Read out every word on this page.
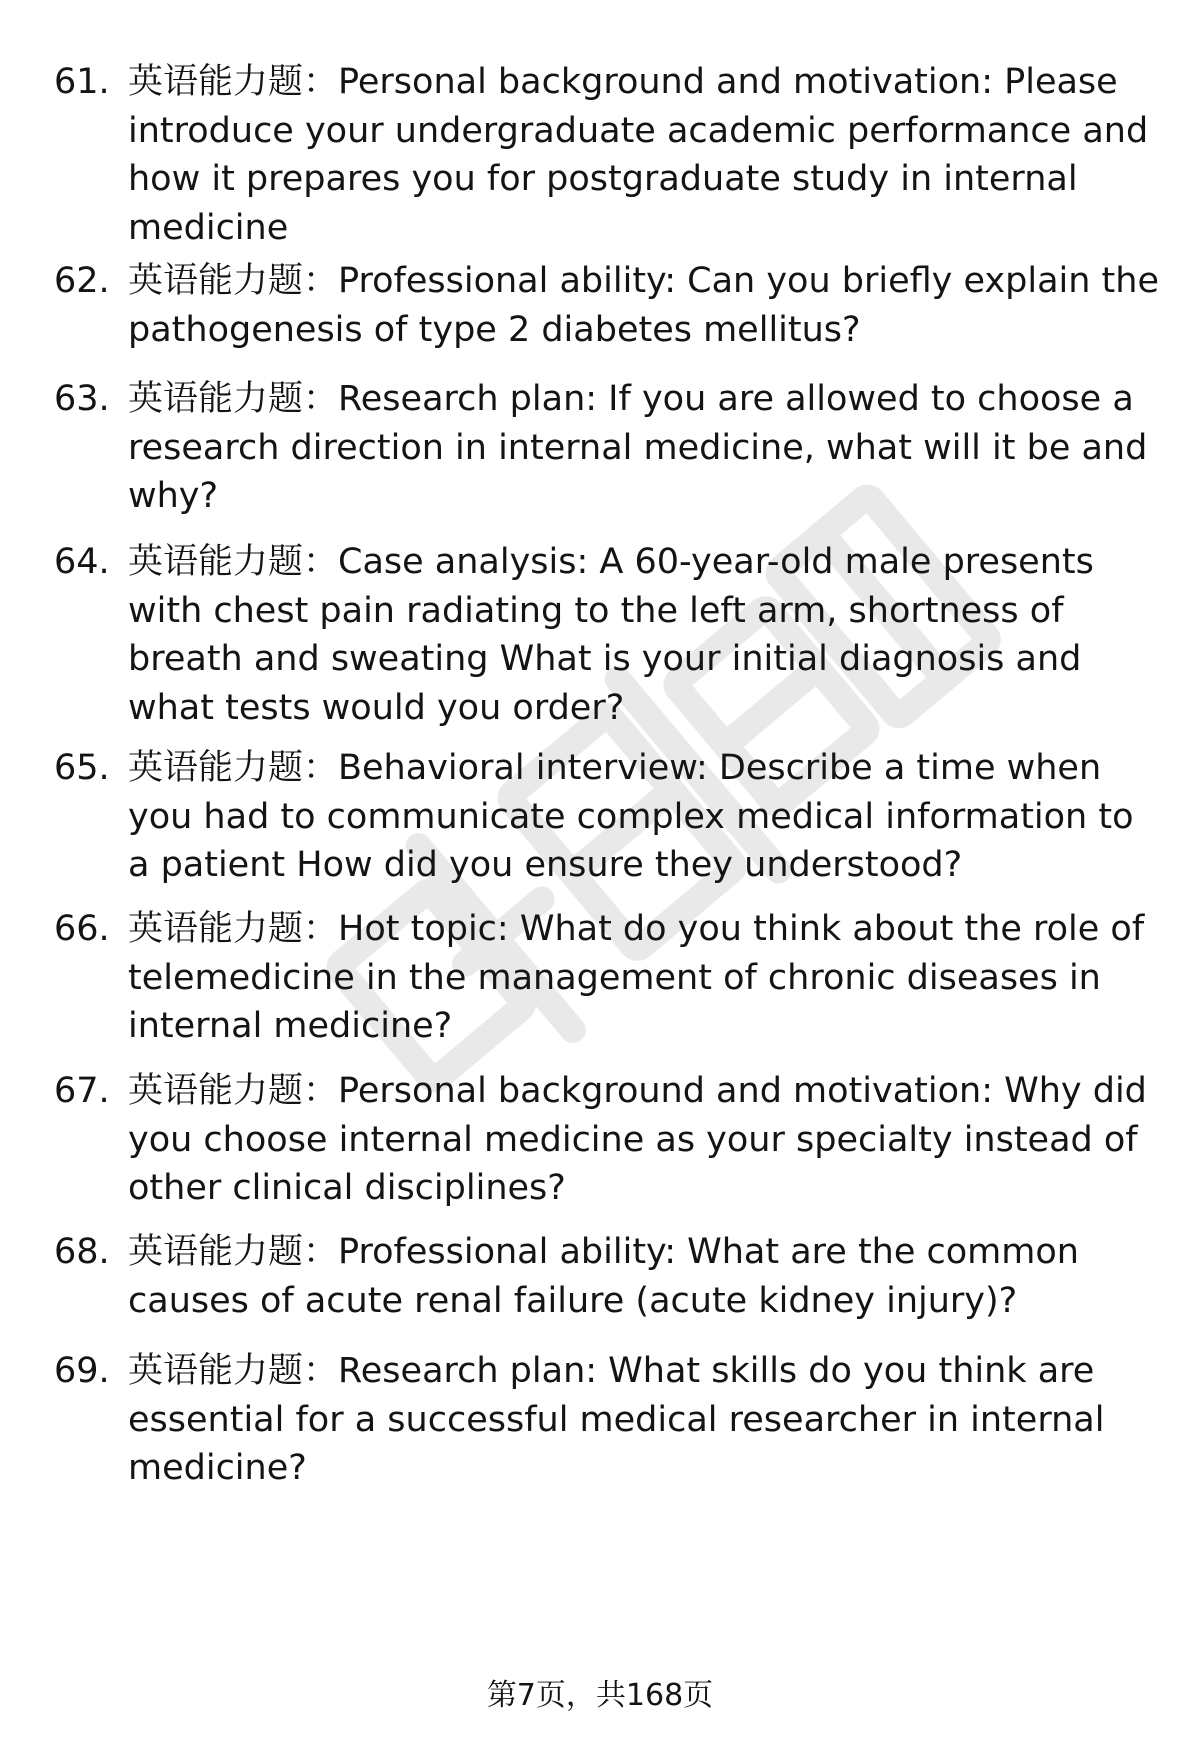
61. 英语能力题：Personal background and motivation: Please introduce your undergraduate academic performance and how it prepares you for postgraduate study in internal medicine
62. 英语能力题：Professional ability: Can you briefly explain the pathogenesis of type 2 diabetes mellitus?
63. 英语能力题：Research plan: If you are allowed to choose a research direction in internal medicine, what will it be and why?
64. 英语能力题：Case analysis: A 60-year-old male presents with chest pain radiating to the left arm, shortness of breath and sweating What is your initial diagnosis and what tests would you order?
65. 英语能力题：Behavioral interview: Describe a time when you had to communicate complex medical information to a patient How did you ensure they understood?
66. 英语能力题：Hot topic: What do you think about the role of telemedicine in the management of chronic diseases in internal medicine?
67. 英语能力题：Personal background and motivation: Why did you choose internal medicine as your specialty instead of other clinical disciplines?
68. 英语能力题：Professional ability: What are the common causes of acute renal failure (acute kidney injury)?
69. 英语能力题：Research plan: What skills do you think are essential for a successful medical researcher in internal medicine?
第7页，共168页
